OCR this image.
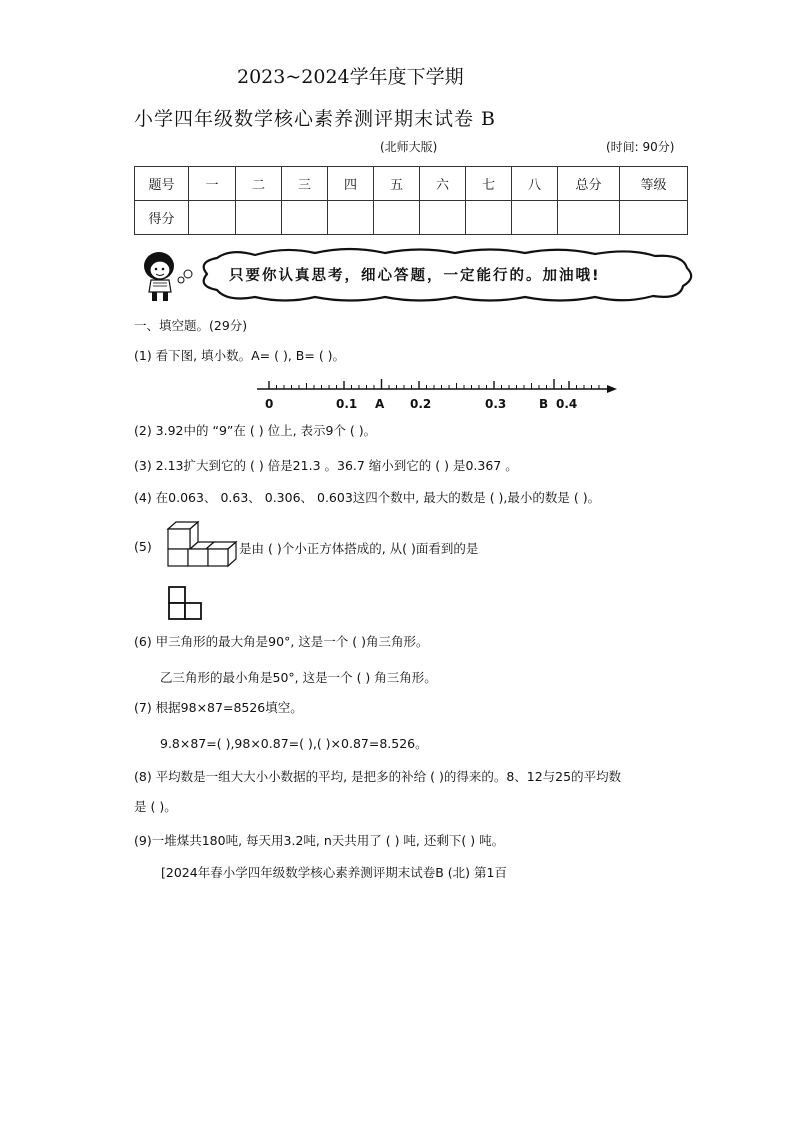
2023~2024学年度下学期
小学四年级数学核心素养测评期末试卷 B
(北师大版)	(时间: 90分)
题号	一	二	三	四	五	六	七	八	总分	等级
得分										
只要你认真思考，细心答题，一定能行的。加油哦!
一、填空题。(29分)
(1) 看下图, 填小数。A= ( ), B= ( )。
0	0.1 A 0.2	0.3	B 0.4
(2) 3.92中的 “9”在 ( ) 位上, 表示9个 ( )。
(3) 2.13扩大到它的 ( ) 倍是21.3 。36.7 缩小到它的 ( ) 是0.367 。
(4) 在0.063、 0.63、 0.306、 0.603这四个数中, 最大的数是 ( ),最小的数是 ( )。
(5)	是由 ( )个小正方体搭成的, 从( )面看到的是
(6) 甲三角形的最大角是90°, 这是一个 ( )角三角形。
乙三角形的最小角是50°, 这是一个 ( ) 角三角形。
(7) 根据98×87=8526填空。
9.8×87=( ),98×0.87=( ),( )×0.87=8.526。
(8) 平均数是一组大大小小数据的平均, 是把多的补给 ( )的得来的。8、12与25的平均数
是 ( )。
(9)一堆煤共180吨, 每天用3.2吨, n天共用了 ( ) 吨, 还剩下( ) 吨。
[2024年春小学四年级数学核心素养测评期末试卷B (北) 第1百
